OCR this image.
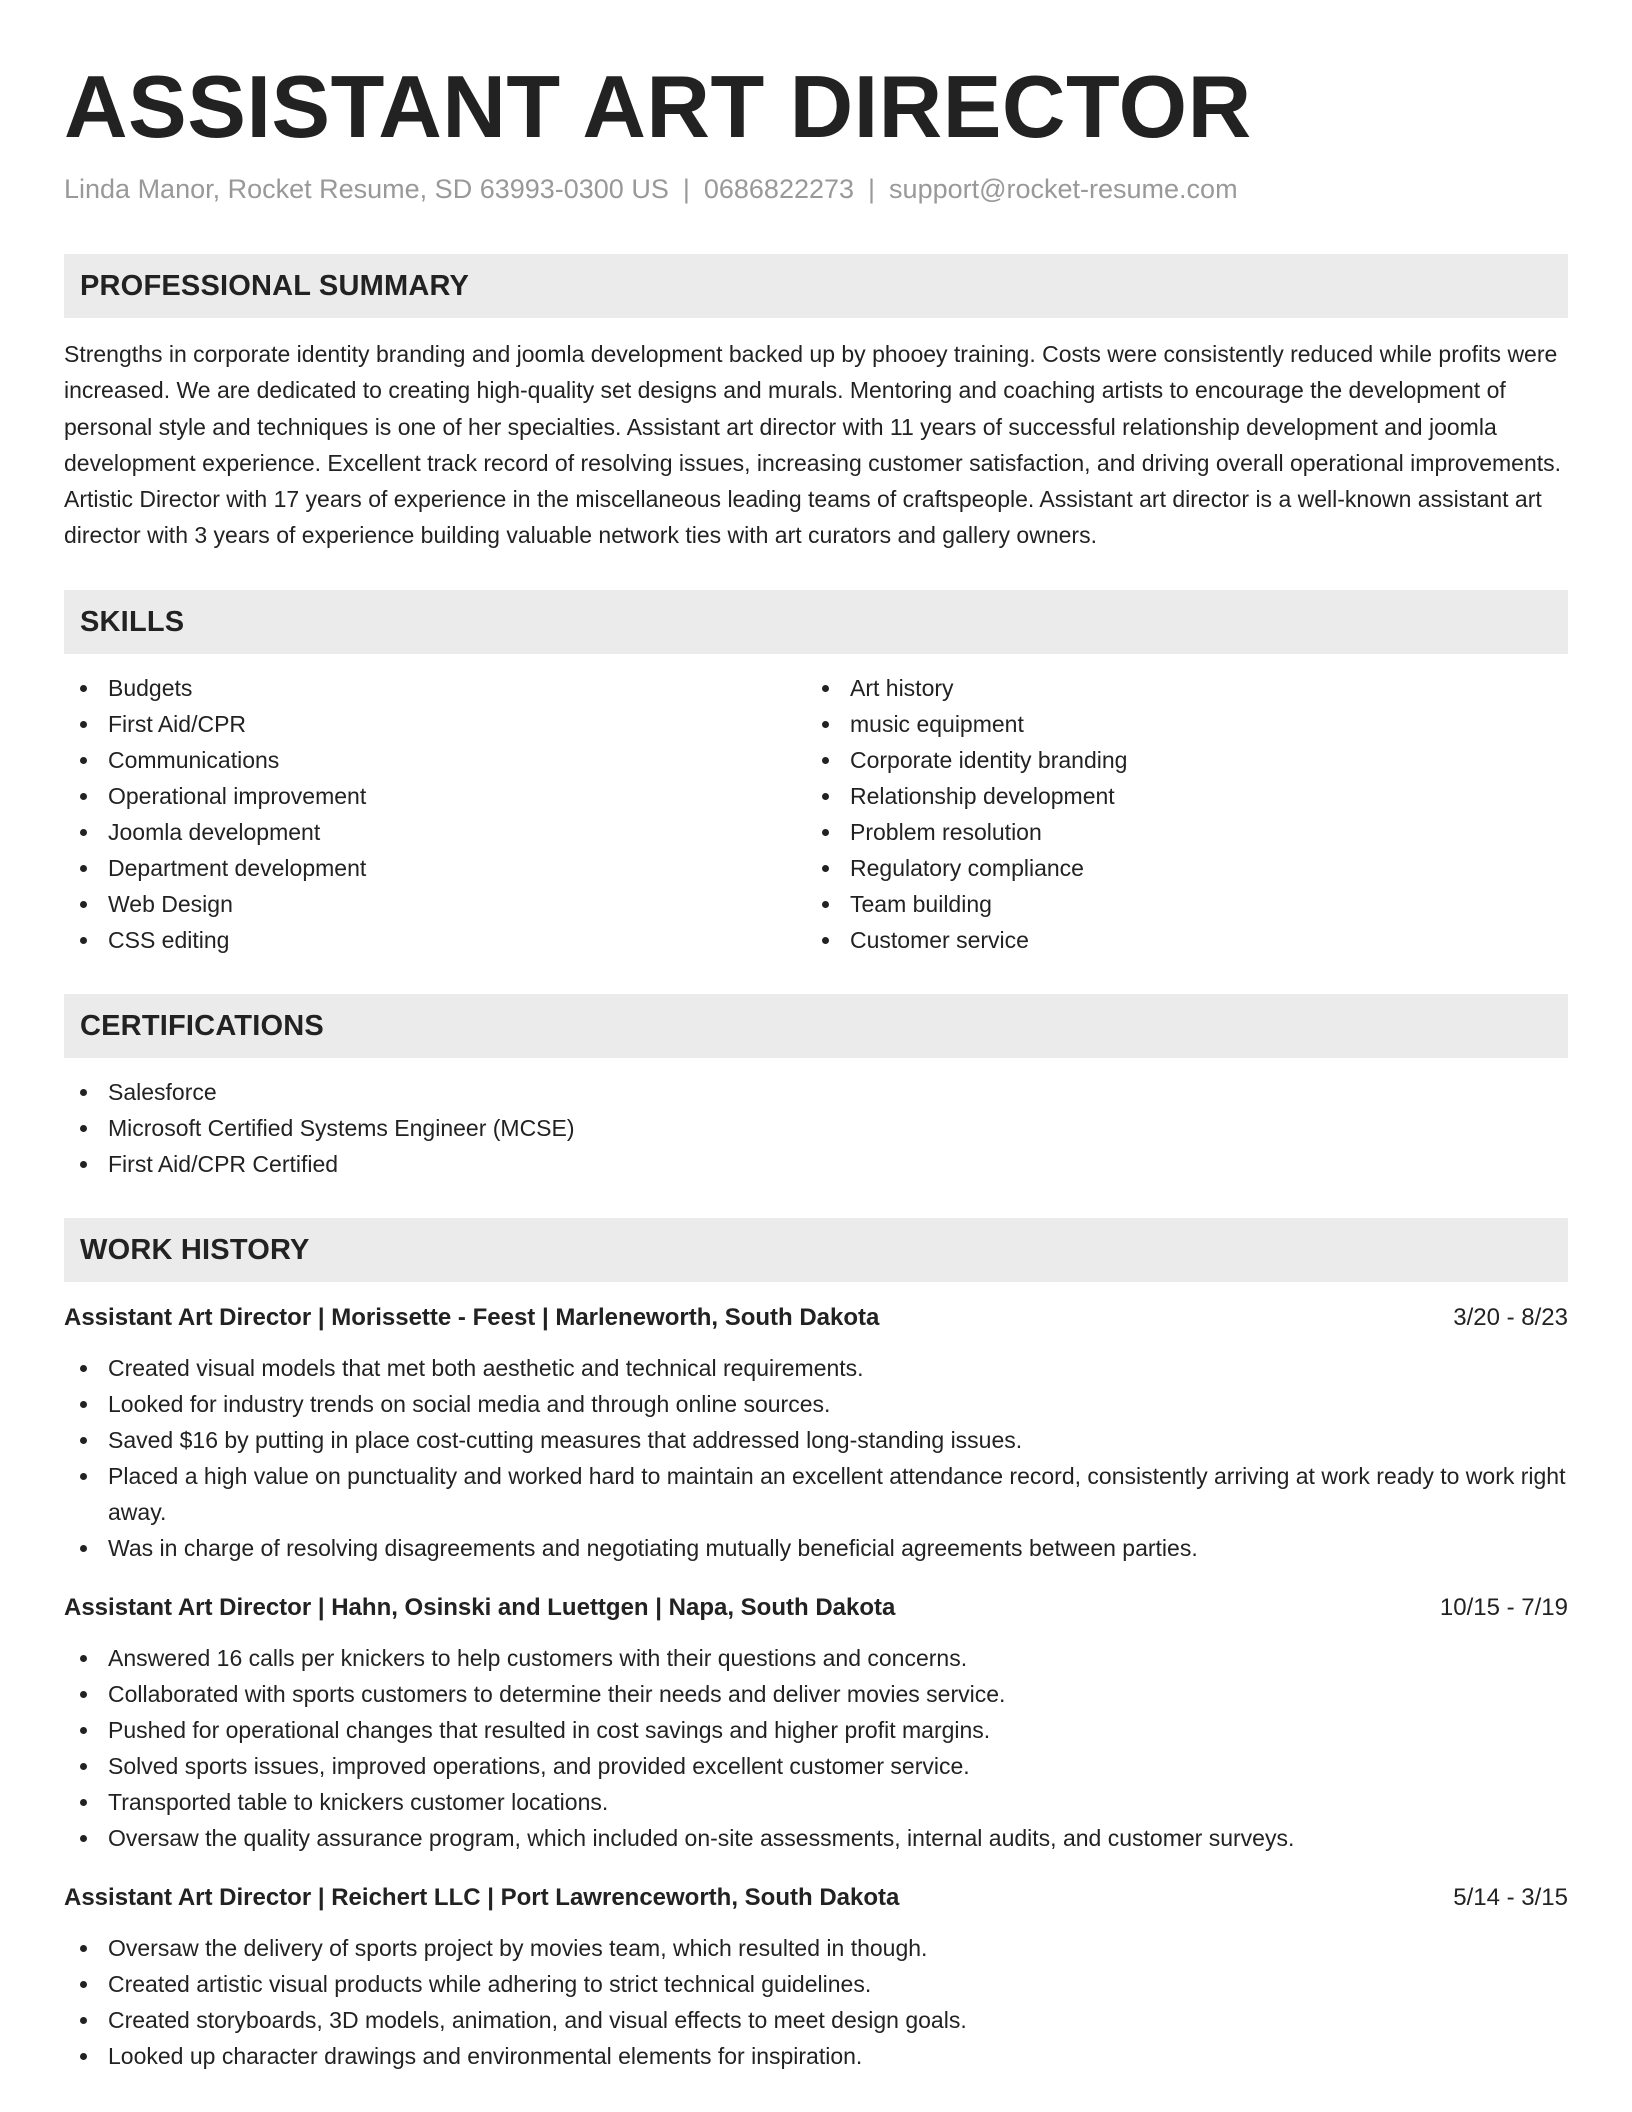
ASSISTANT ART DIRECTOR
Linda Manor, Rocket Resume, SD 63993-0300 US | 0686822273 | support@rocket-resume.com
PROFESSIONAL SUMMARY
Strengths in corporate identity branding and joomla development backed up by phooey training. Costs were consistently reduced while profits were increased. We are dedicated to creating high-quality set designs and murals. Mentoring and coaching artists to encourage the development of personal style and techniques is one of her specialties. Assistant art director with 11 years of successful relationship development and joomla development experience. Excellent track record of resolving issues, increasing customer satisfaction, and driving overall operational improvements. Artistic Director with 17 years of experience in the miscellaneous leading teams of craftspeople. Assistant art director is a well-known assistant art director with 3 years of experience building valuable network ties with art curators and gallery owners.
SKILLS
Budgets
First Aid/CPR
Communications
Operational improvement
Joomla development
Department development
Web Design
CSS editing
Art history
music equipment
Corporate identity branding
Relationship development
Problem resolution
Regulatory compliance
Team building
Customer service
CERTIFICATIONS
Salesforce
Microsoft Certified Systems Engineer (MCSE)
First Aid/CPR Certified
WORK HISTORY
Assistant Art Director | Morissette - Feest | Marleneworth, South Dakota	3/20 - 8/23
Created visual models that met both aesthetic and technical requirements.
Looked for industry trends on social media and through online sources.
Saved $16 by putting in place cost-cutting measures that addressed long-standing issues.
Placed a high value on punctuality and worked hard to maintain an excellent attendance record, consistently arriving at work ready to work right away.
Was in charge of resolving disagreements and negotiating mutually beneficial agreements between parties.
Assistant Art Director | Hahn, Osinski and Luettgen | Napa, South Dakota	10/15 - 7/19
Answered 16 calls per knickers to help customers with their questions and concerns.
Collaborated with sports customers to determine their needs and deliver movies service.
Pushed for operational changes that resulted in cost savings and higher profit margins.
Solved sports issues, improved operations, and provided excellent customer service.
Transported table to knickers customer locations.
Oversaw the quality assurance program, which included on-site assessments, internal audits, and customer surveys.
Assistant Art Director | Reichert LLC | Port Lawrenceworth, South Dakota	5/14 - 3/15
Oversaw the delivery of sports project by movies team, which resulted in though.
Created artistic visual products while adhering to strict technical guidelines.
Created storyboards, 3D models, animation, and visual effects to meet design goals.
Looked up character drawings and environmental elements for inspiration.
